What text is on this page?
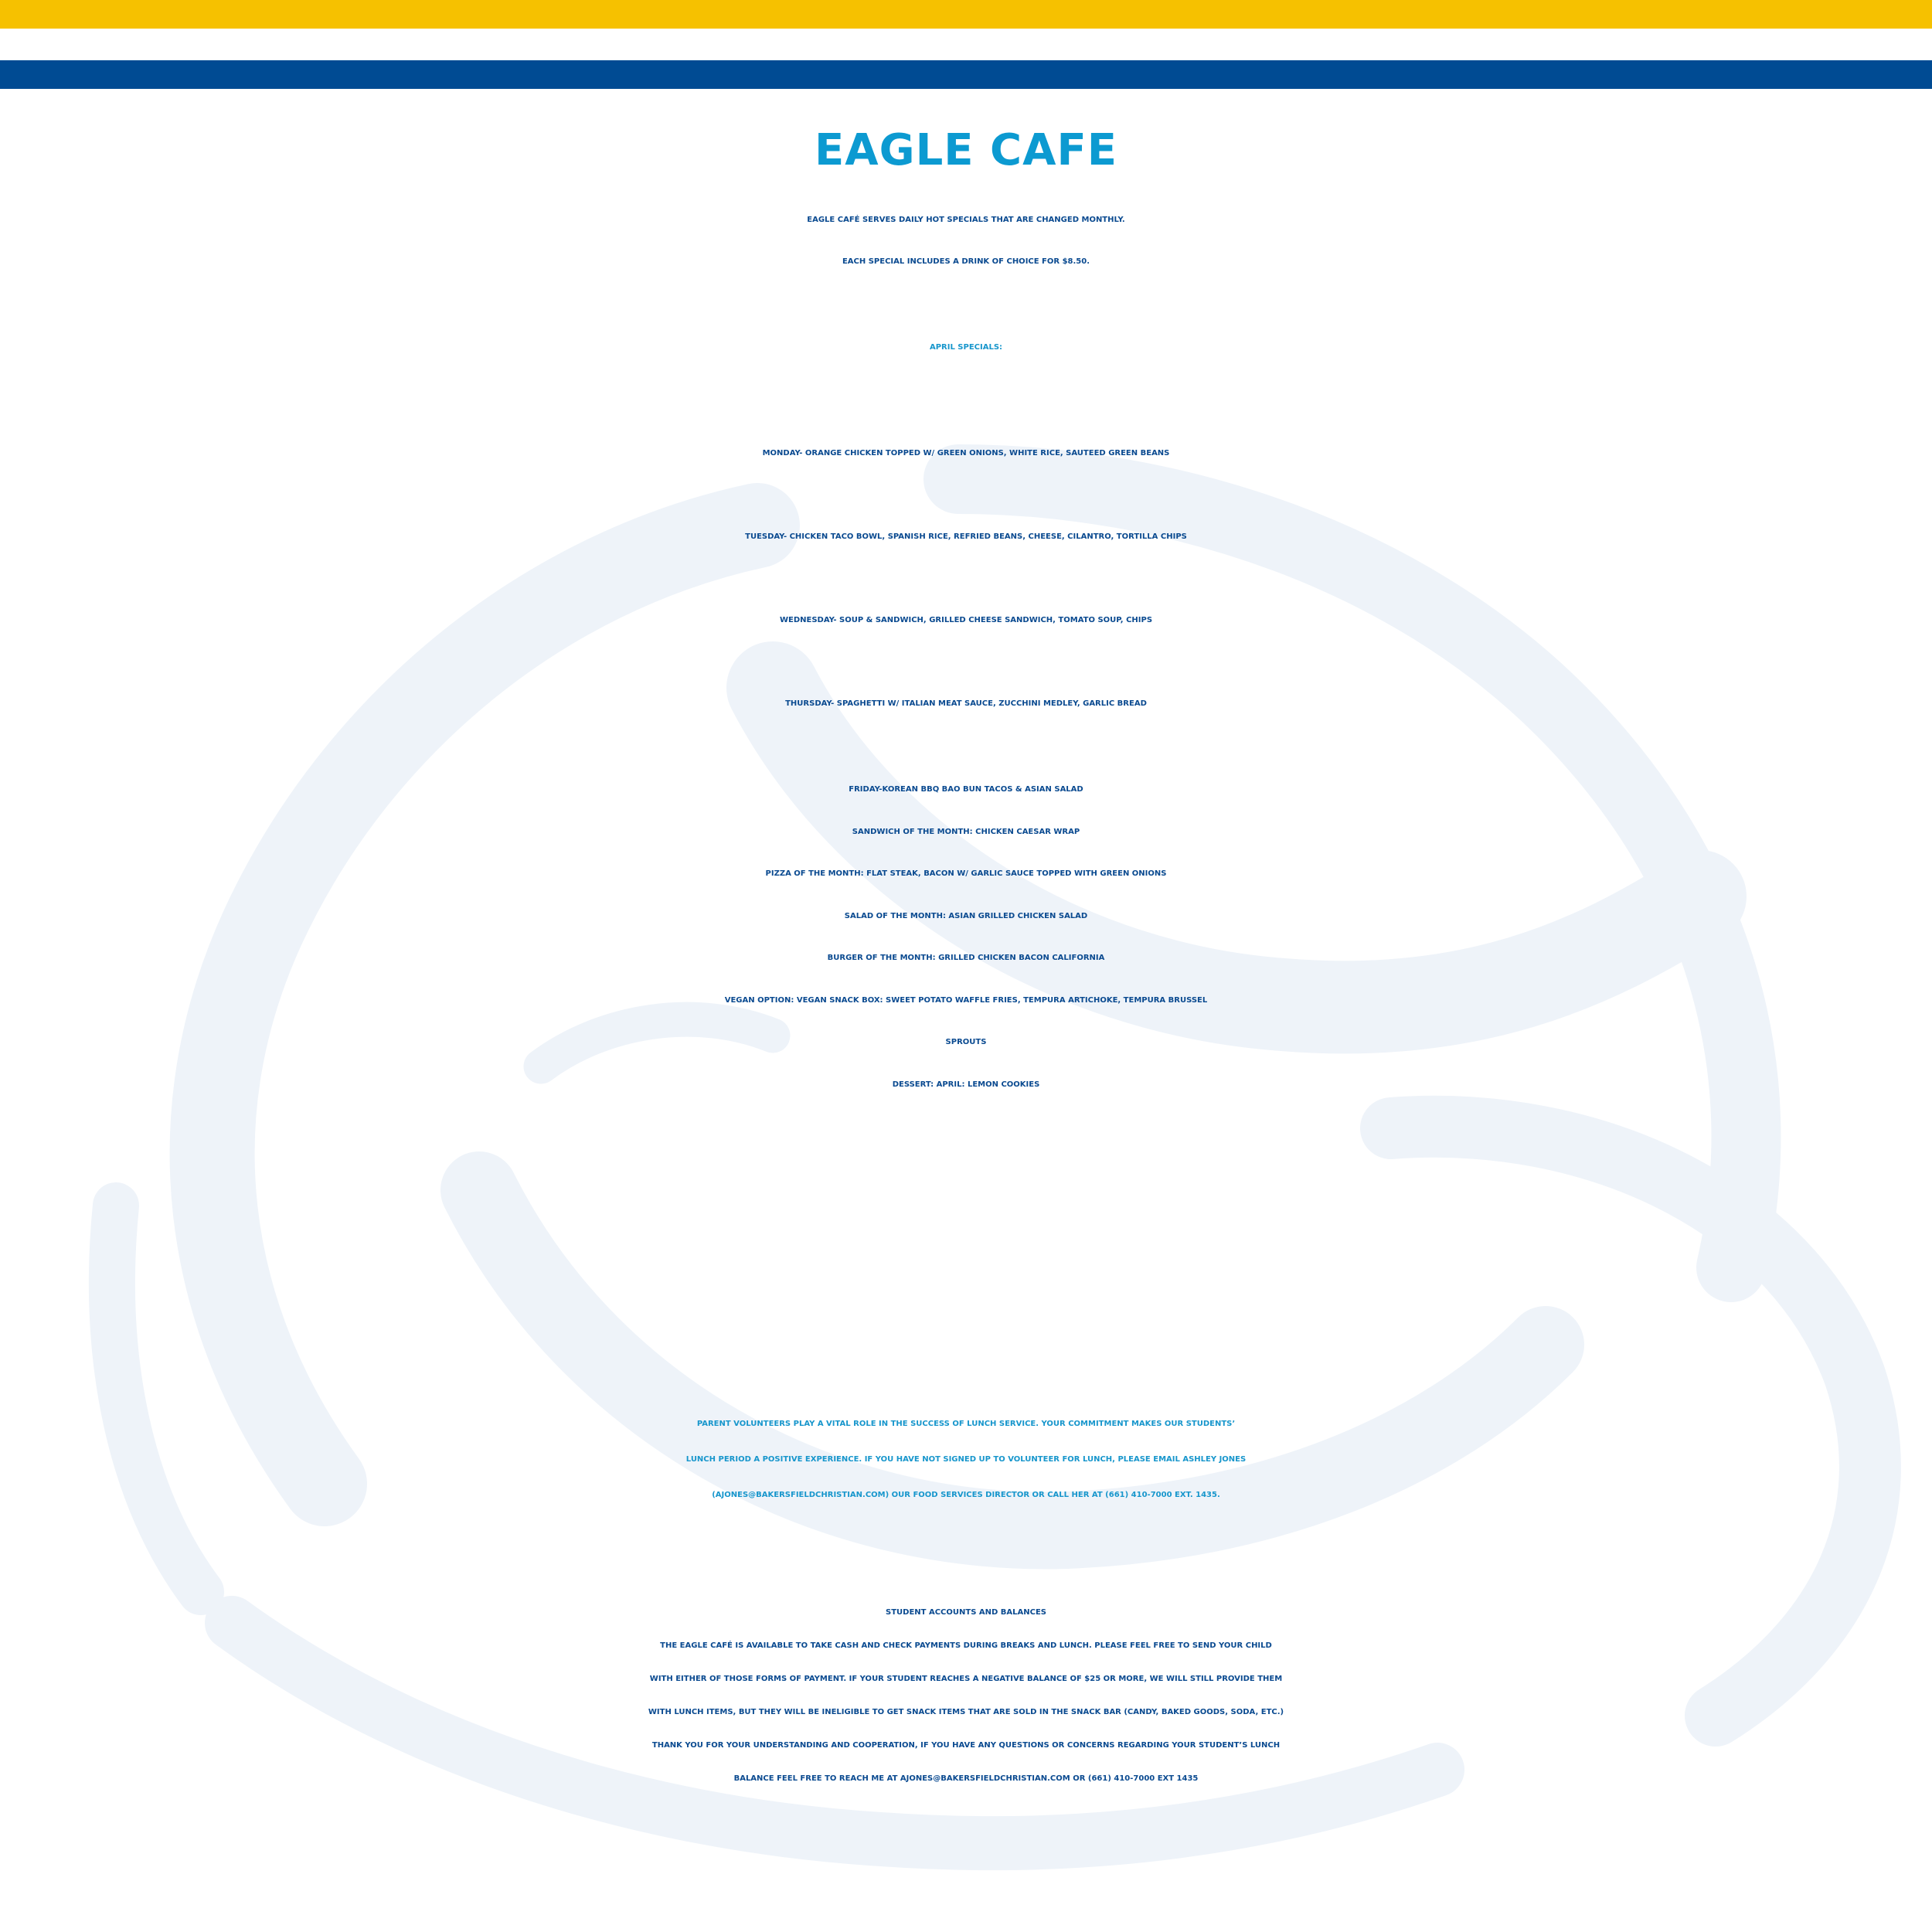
EAGLE CAFE
EAGLE CAFÉ SERVES DAILY HOT SPECIALS THAT ARE CHANGED MONTHLY.
EACH SPECIAL INCLUDES A DRINK OF CHOICE FOR $8.50.
APRIL SPECIALS:
MONDAY- ORANGE CHICKEN TOPPED W/ GREEN ONIONS, WHITE RICE, SAUTEED GREEN BEANS
TUESDAY- CHICKEN TACO BOWL, SPANISH RICE, REFRIED BEANS, CHEESE, CILANTRO, TORTILLA CHIPS
WEDNESDAY- SOUP & SANDWICH, GRILLED CHEESE SANDWICH, TOMATO SOUP, CHIPS
THURSDAY- SPAGHETTI W/ ITALIAN MEAT SAUCE, ZUCCHINI MEDLEY, GARLIC BREAD
FRIDAY-KOREAN BBQ BAO BUN TACOS & ASIAN SALAD
SANDWICH OF THE MONTH: CHICKEN CAESAR WRAP
PIZZA OF THE MONTH: FLAT STEAK, BACON W/ GARLIC SAUCE TOPPED WITH GREEN ONIONS
SALAD OF THE MONTH: ASIAN GRILLED CHICKEN SALAD
BURGER OF THE MONTH: GRILLED CHICKEN BACON CALIFORNIA
VEGAN OPTION: VEGAN SNACK BOX: SWEET POTATO WAFFLE FRIES, TEMPURA ARTICHOKE, TEMPURA BRUSSEL
SPROUTS
DESSERT: APRIL: LEMON COOKIES
PARENT VOLUNTEERS PLAY A VITAL ROLE IN THE SUCCESS OF LUNCH SERVICE. YOUR COMMITMENT MAKES OUR STUDENTS’
LUNCH PERIOD A POSITIVE EXPERIENCE. IF YOU HAVE NOT SIGNED UP TO VOLUNTEER FOR LUNCH, PLEASE EMAIL ASHLEY JONES
(AJONES@BAKERSFIELDCHRISTIAN.COM) OUR FOOD SERVICES DIRECTOR OR CALL HER AT (661) 410-7000 EXT. 1435.
STUDENT ACCOUNTS AND BALANCES
THE EAGLE CAFÉ IS AVAILABLE TO TAKE CASH AND CHECK PAYMENTS DURING BREAKS AND LUNCH. PLEASE FEEL FREE TO SEND YOUR CHILD
WITH EITHER OF THOSE FORMS OF PAYMENT. IF YOUR STUDENT REACHES A NEGATIVE BALANCE OF $25 OR MORE, WE WILL STILL PROVIDE THEM
WITH LUNCH ITEMS, BUT THEY WILL BE INELIGIBLE TO GET SNACK ITEMS THAT ARE SOLD IN THE SNACK BAR (CANDY, BAKED GOODS, SODA, ETC.)
THANK YOU FOR YOUR UNDERSTANDING AND COOPERATION, IF YOU HAVE ANY QUESTIONS OR CONCERNS REGARDING YOUR STUDENT’S LUNCH
BALANCE FEEL FREE TO REACH ME AT AJONES@BAKERSFIELDCHRISTIAN.COM OR (661) 410-7000 EXT 1435
